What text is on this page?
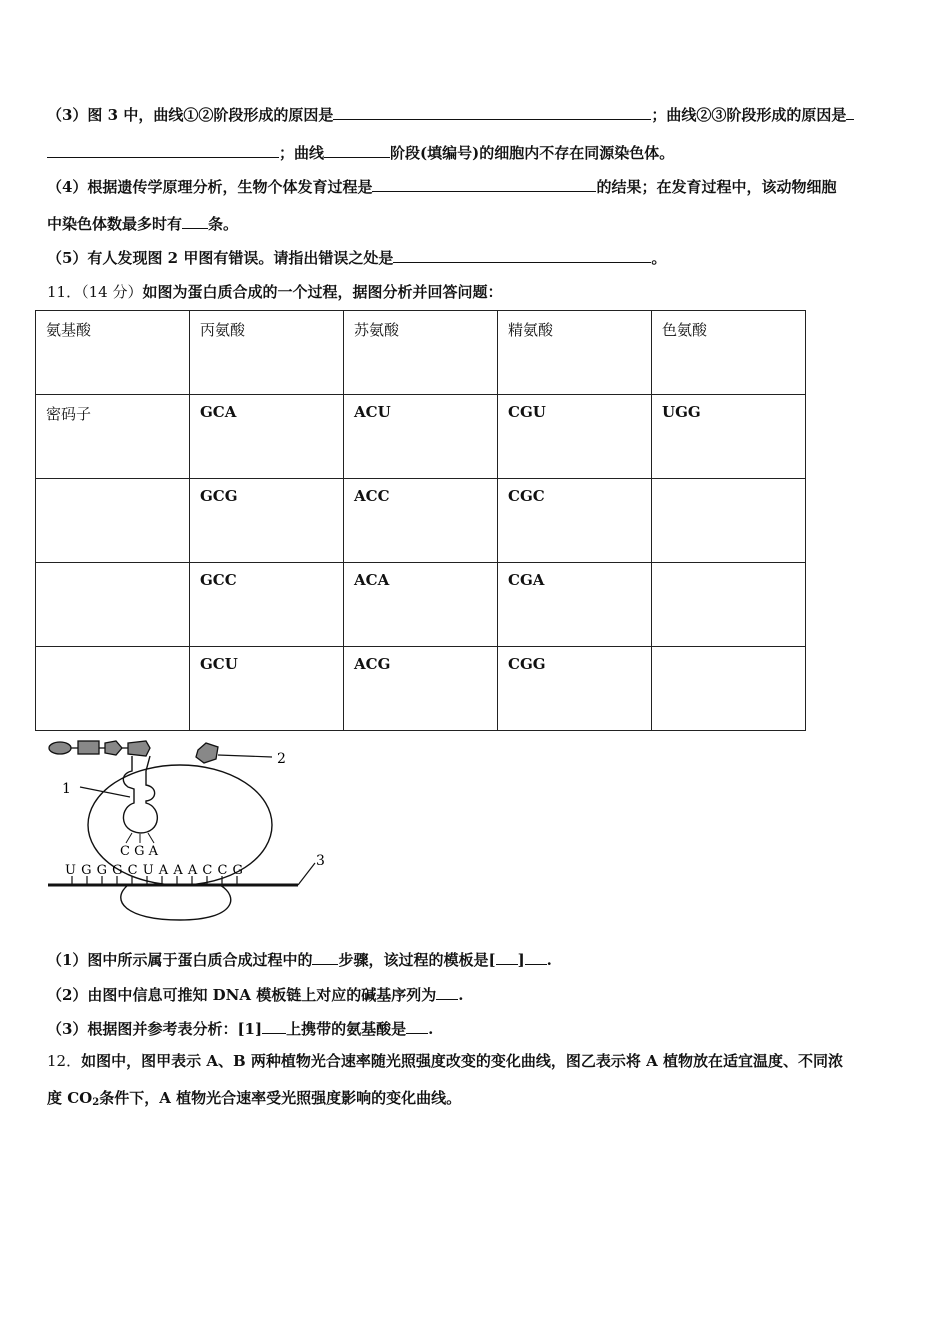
（3）图 3 中，曲线①②阶段形成的原因是	；曲线②③阶段形成的原因是
；曲线	阶段(填编号)的细胞内不存在同源染色体。
（4）根据遗传学原理分析，生物个体发育过程是	的结果；在发育过程中，该动物细胞
中染色体数最多时有 条。
（5）有人发现图 2 甲图有错误。请指出错误之处是	。
11．（14 分）如图为蛋白质合成的一个过程，据图分析并回答问题：
氨基酸	丙氨酸	苏氨酸	精氨酸	色氨酸
密码子	GCA	ACU	CGU	UGG
	GCG	ACC	CGC	
	GCC	ACA	CGA	
	GCU	ACG	CGG	
2
1
C G A
U G G G C U A A A C C G
3
（1）图中所示属于蛋白质合成过程中的 步骤，该过程的模板是[ ] .
（2）由图中信息可推知 DNA 模板链上对应的碱基序列为 .
（3）根据图并参考表分析：[1] 上携带的氨基酸是 .
12．如图中，图甲表示 A、B 两种植物光合速率随光照强度改变的变化曲线，图乙表示将 A 植物放在适宜温度、不同浓
度 $CO_2$条件下，A 植物光合速率受光照强度影响的变化曲线。
